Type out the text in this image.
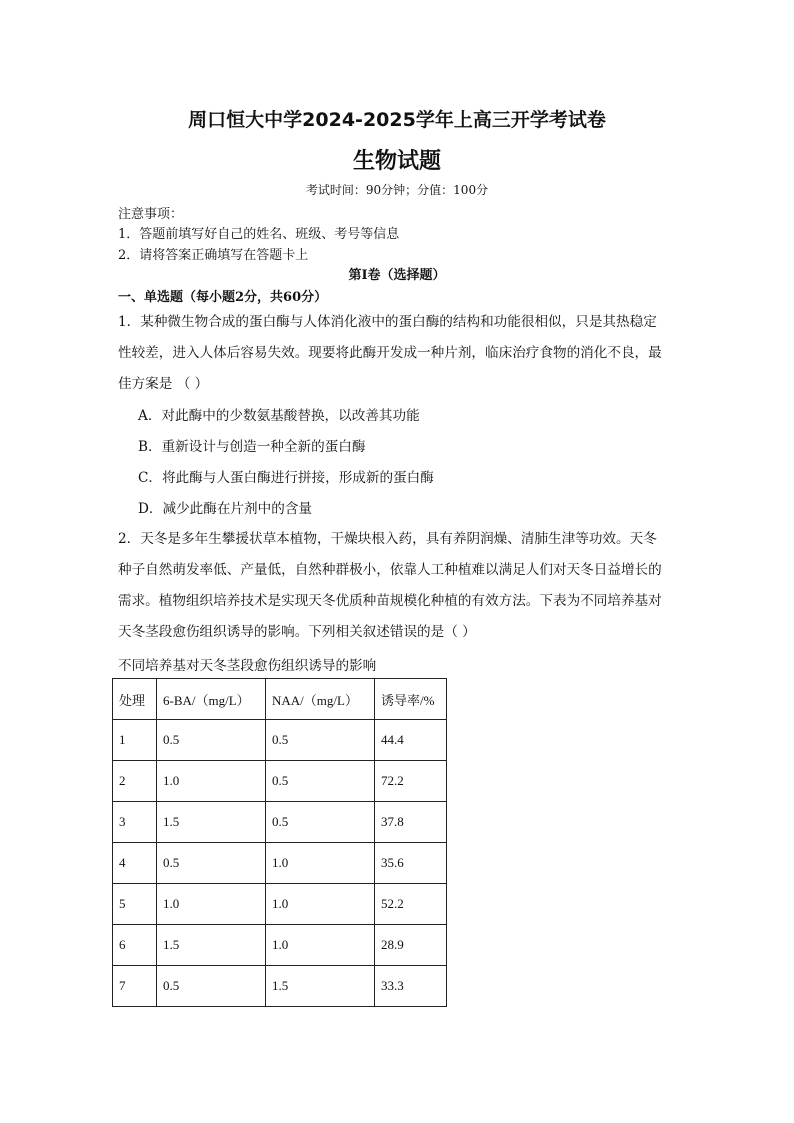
周口恒大中学2024-2025学年上高三开学考试卷
生物试题
考试时间：90分钟；分值：100分
注意事项：
1．答题前填写好自己的姓名、班级、考号等信息
2．请将答案正确填写在答题卡上
第Ⅰ卷（选择题）
一、单选题（每小题2分，共60分）
1．某种微生物合成的蛋白酶与人体消化液中的蛋白酶的结构和功能很相似，只是其热稳定
性较差，进入人体后容易失效。现要将此酶开发成一种片剂，临床治疗食物的消化不良，最
佳方案是 （ ）
A．对此酶中的少数氨基酸替换，以改善其功能
B．重新设计与创造一种全新的蛋白酶
C．将此酶与人蛋白酶进行拼接，形成新的蛋白酶
D．减少此酶在片剂中的含量
2．天冬是多年生攀援状草本植物，干燥块根入药，具有养阴润燥、清肺生津等功效。天冬
种子自然萌发率低、产量低，自然种群极小，依靠人工种植难以满足人们对天冬日益增长的
需求。植物组织培养技术是实现天冬优质种苗规模化种植的有效方法。下表为不同培养基对
天冬茎段愈伤组织诱导的影响。下列相关叙述错误的是（ ）
不同培养基对天冬茎段愈伤组织诱导的影响
处理	6-BA/（mg/L）	NAA/（mg/L）	诱导率/%
1	0.5	0.5	44.4
2	1.0	0.5	72.2
3	1.5	0.5	37.8
4	0.5	1.0	35.6
5	1.0	1.0	52.2
6	1.5	1.0	28.9
7	0.5	1.5	33.3
